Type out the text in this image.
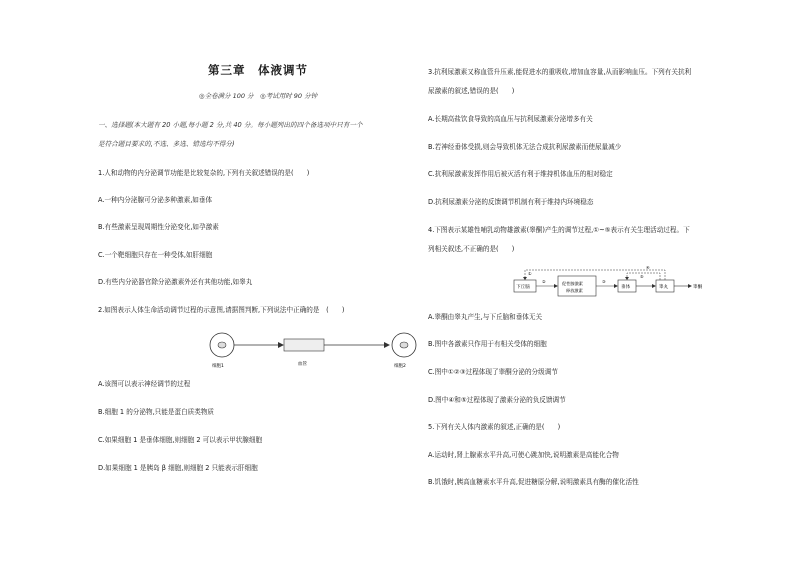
第三章　体液调节
◎全卷满分 100 分　◎考试用时 90 分钟
一、选择题(本大题有 20 小题,每小题 2 分,共 40 分。每小题列出的四个备选项中只有一个
是符合题目要求的,不选、多选、错选均不得分)
1.人和动物的内分泌调节功能是比较复杂的,下列有关叙述错误的是(　　)
A.一种内分泌腺可分泌多种激素,如垂体
B.有些激素呈现周期性分泌变化,如孕激素
C.一个靶细胞只存在一种受体,如肝细胞
D.有些内分泌器官除分泌激素外还有其他功能,如睾丸
2.如图表示人体生命活动调节过程的示意图,请据图判断,下列说法中正确的是　(　　)
细胞1	血管	细胞2
A.该图可以表示神经调节的过程
B.细胞 1 的分泌物,只能是蛋白质类物质
C.如果细胞 1 是垂体细胞,则细胞 2 可以表示甲状腺细胞
D.如果细胞 1 是胰岛 β 细胞,则细胞 2 只能表示肝细胞
3.抗利尿激素又称血管升压素,能促进水的重吸收,增加血容量,从而影响血压。下列有关抗利
尿激素的叙述,错误的是(　　)
A.长期高盐饮食导致的高血压与抗利尿激素分泌增多有关
B.若神经垂体受损,则会导致机体无法合成抗利尿激素而使尿量减少
C.抗利尿激素发挥作用后被灭活有利于维持机体血压的相对稳定
D.抗利尿激素分泌的反馈调节机制有利于维持内环境稳态
4.下图表示某雄性哺乳动物雄激素(睾酮)产生的调节过程,①~⑤表示有关生理活动过程。下
列相关叙述,不正确的是(　　)
下丘脑
②	促性腺激素
释放激素
③
垂体	睾丸	睾酮
①
④
⑤
A.睾酮由睾丸产生,与下丘脑和垂体无关
B.图中各激素只作用于有相关受体的细胞
C.图中①②③过程体现了睾酮分泌的分级调节
D.图中④和⑤过程体现了激素分泌的负反馈调节
5.下列有关人体内激素的叙述,正确的是(　　)
A.运动时,肾上腺素水平升高,可使心跳加快,说明激素是高能化合物
B.饥饿时,胰高血糖素水平升高,促进糖原分解,说明激素具有酶的催化活性
